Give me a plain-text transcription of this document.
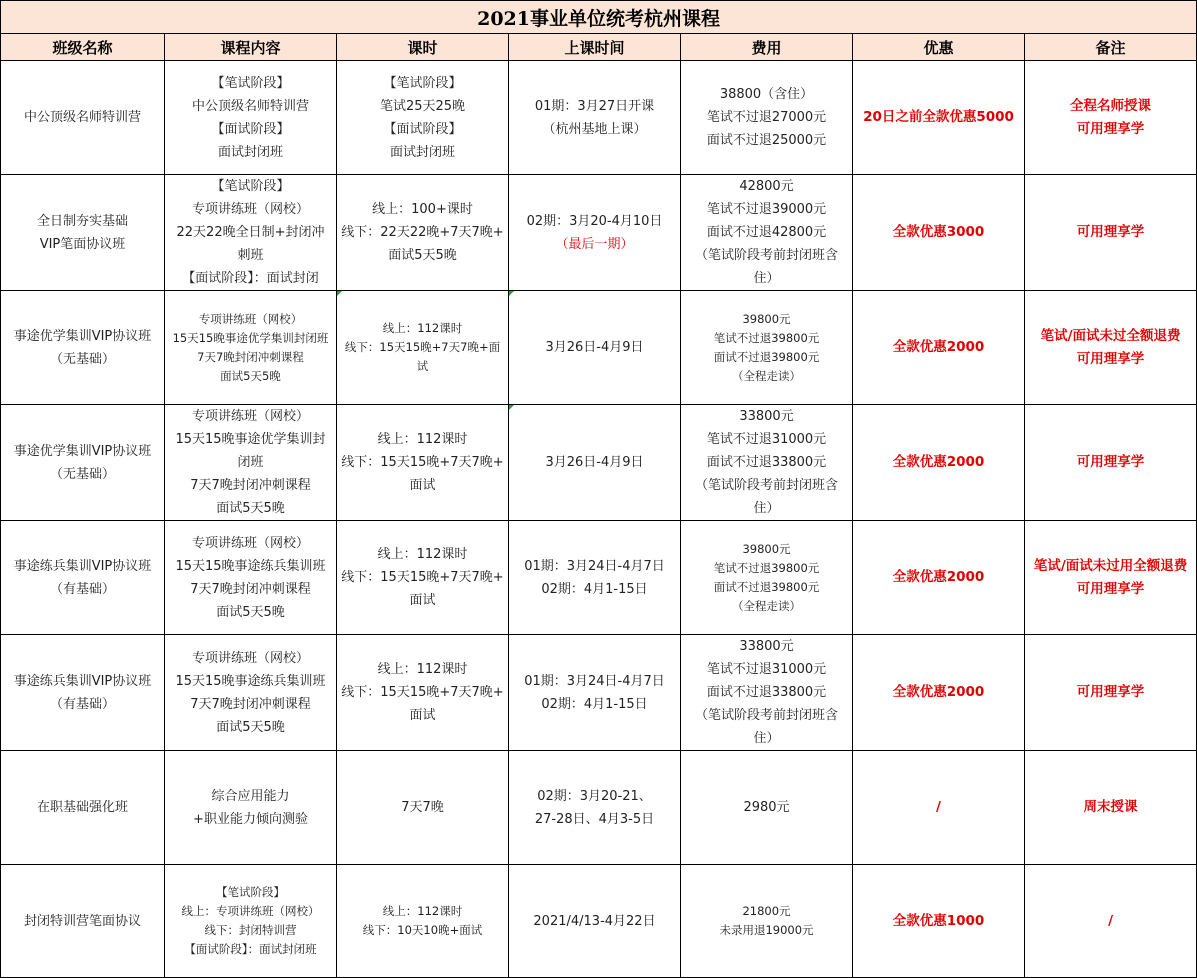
2021事业单位统考杭州课程						
班级名称	课程内容	课时	上课时间	费用	优惠	备注

中公顶级名师特训营	【笔试阶段】
中公顶级名师特训营
【面试阶段】
面试封闭班	【笔试阶段】
笔试25天25晚
【面试阶段】
面试封闭班	01期：3月27日开课
（杭州基地上课）	38800（含住）
笔试不过退27000元
面试不过退25000元	20日之前全款优惠5000	全程名师授课
可用理享学

全日制夯实基础
VIP笔面协议班	【笔试阶段】
专项讲练班（网校）
22天22晚全日制+封闭冲
刺班
【面试阶段】：面试封闭	线上：100+课时
线下：22天22晚+7天7晚+
面试5天5晚	02期：3月20-4月10日
（最后一期）	42800元
笔试不过退39000元
面试不过退42800元
（笔试阶段考前封闭班含
住）	全款优惠3000	可用理享学

事途优学集训VIP协议班
（无基础）	专项讲练班（网校）
15天15晚事途优学集训封闭班
7天7晚封闭冲刺课程
面试5天5晚	线上：112课时
线下：15天15晚+7天7晚+面
试	3月26日-4月9日	39800元
笔试不过退39800元
面试不过退39800元
（全程走读）	全款优惠2000	笔试/面试未过全额退费
可用理享学

事途优学集训VIP协议班
（无基础）	专项讲练班（网校）
15天15晚事途优学集训封
闭班
7天7晚封闭冲刺课程
面试5天5晚	线上：112课时
线下：15天15晚+7天7晚+
面试	3月26日-4月9日	33800元
笔试不过退31000元
面试不过退33800元
（笔试阶段考前封闭班含
住）	全款优惠2000	可用理享学

事途练兵集训VIP协议班
（有基础）	专项讲练班（网校）
15天15晚事途练兵集训班
7天7晚封闭冲刺课程
面试5天5晚	线上：112课时
线下：15天15晚+7天7晚+
面试	01期：3月24日-4月7日
02期：4月1-15日	39800元
笔试不过退39800元
面试不过退39800元
（全程走读）	全款优惠2000	笔试/面试未过用全额退费
可用理享学

事途练兵集训VIP协议班
（有基础）	专项讲练班（网校）
15天15晚事途练兵集训班
7天7晚封闭冲刺课程
面试5天5晚	线上：112课时
线下：15天15晚+7天7晚+
面试	01期：3月24日-4月7日
02期：4月1-15日	33800元
笔试不过退31000元
面试不过退33800元
（笔试阶段考前封闭班含
住）	全款优惠2000	可用理享学

在职基础强化班	综合应用能力
+职业能力倾向测验	7天7晚	02期：3月20-21、
27-28日、4月3-5日	2980元	/	周末授课

封闭特训营笔面协议	【笔试阶段】
线上：专项讲练班（网校）
线下：封闭特训营
【面试阶段】：面试封闭班	线上：112课时
线下：10天10晚+面试	2021/4/13-4月22日	21800元
未录用退19000元	全款优惠1000	/
